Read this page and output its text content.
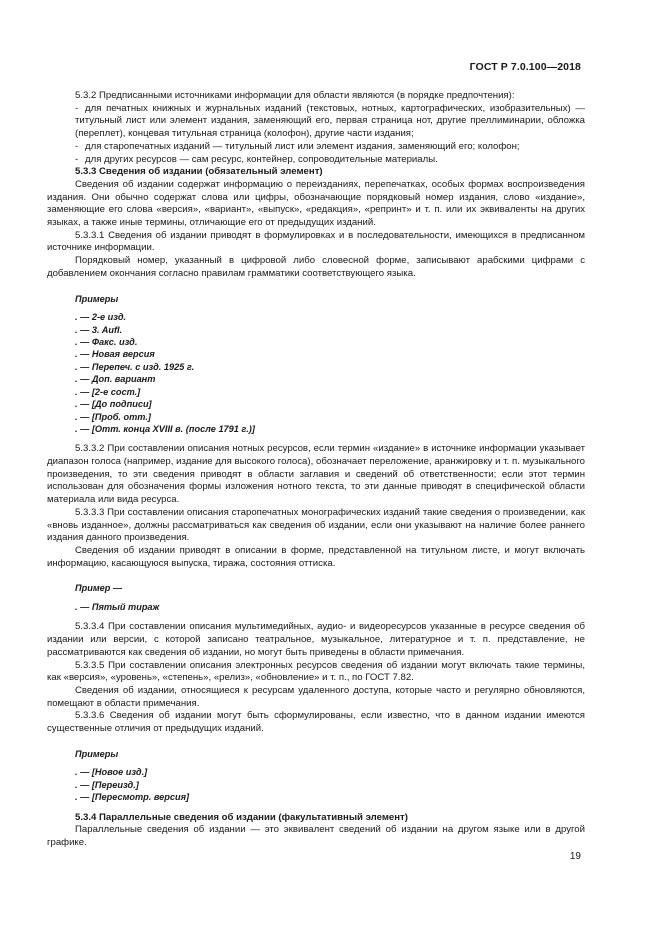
ГОСТ Р 7.0.100—2018

5.3.2 Предписанными источниками информации для области являются (в порядке предпочтения):

- для печатных книжных и журнальных изданий (текстовых, нотных, картографических, изобразительных) — титульный лист или элемент издания, заменяющий его, первая страница нот, другие преллиминарии, обложка (переплет), концевая титульная страница (колофон), другие части издания;

- для старопечатных изданий — титульный лист или элемент издания, заменяющий его; колофон;

- для других ресурсов — сам ресурс, контейнер, сопроводительные материалы.

5.3.3 Сведения об издании (обязательный элемент)

Сведения об издании содержат информацию о переизданиях, перепечатках, особых формах воспроизведения издания. Они обычно содержат слова или цифры, обозначающие порядковый номер издания, слово «издание», заменяющие его слова «версия», «вариант», «выпуск», «редакция», «репринт» и т. п. или их эквиваленты на других языках, а также иные термины, отличающие его от предыдущих изданий.

5.3.3.1 Сведения об издании приводят в формулировках и в последовательности, имеющихся в предписанном источнике информации.

Порядковый номер, указанный в цифровой либо словесной форме, записывают арабскими цифрами с добавлением окончания согласно правилам грамматики соответствующего языка.

Примеры

. — 2-е изд.

. — 3. Aufl.

. — Факс. изд.

. — Новая версия

. — Перепеч. с изд. 1925 г.

. — Доп. вариант

. — [2-е сост.]

. — [До подписи]

. — [Проб. отт.]

. — [Отт. конца XVIII в. (после 1791 г.)]

5.3.3.2 При составлении описания нотных ресурсов, если термин «издание» в источнике информации указывает диапазон голоса (например, издание для высокого голоса), обозначает переложение, аранжировку и т. п. музыкального произведения, то эти сведения приводят в области заглавия и сведений об ответственности; если этот термин использован для обозначения формы изложения нотного текста, то эти данные приводят в специфической области материала или вида ресурса.

5.3.3.3 При составлении описания старопечатных монографических изданий такие сведения о произведении, как «вновь изданное», должны рассматриваться как сведения об издании, если они указывают на наличие более раннего издания данного произведения.

Сведения об издании приводят в описании в форме, представленной на титульном листе, и могут включать информацию, касающуюся выпуска, тиража, состояния оттиска.

Пример —

. — Пятый тираж

5.3.3.4 При составлении описания мультимедийных, аудио- и видеоресурсов указанные в ресурсе сведения об издании или версии, с которой записано театральное, музыкальное, литературное и т. п. представление, не рассматриваются как сведения об издании, но могут быть приведены в области примечания.

5.3.3.5 При составлении описания электронных ресурсов сведения об издании могут включать такие термины, как «версия», «уровень», «степень», «релиз», «обновление» и т. п., по ГОСТ 7.82.

Сведения об издании, относящиеся к ресурсам удаленного доступа, которые часто и регулярно обновляются, помещают в области примечания.

5.3.3.6 Сведения об издании могут быть сформулированы, если известно, что в данном издании имеются существенные отличия от предыдущих изданий.

Примеры

. — [Новое изд.]

. — [Переизд.]

. — [Пересмотр. версия]

5.3.4 Параллельные сведения об издании (факультативный элемент)

Параллельные сведения об издании — это эквивалент сведений об издании на другом языке или в другой графике.

19
